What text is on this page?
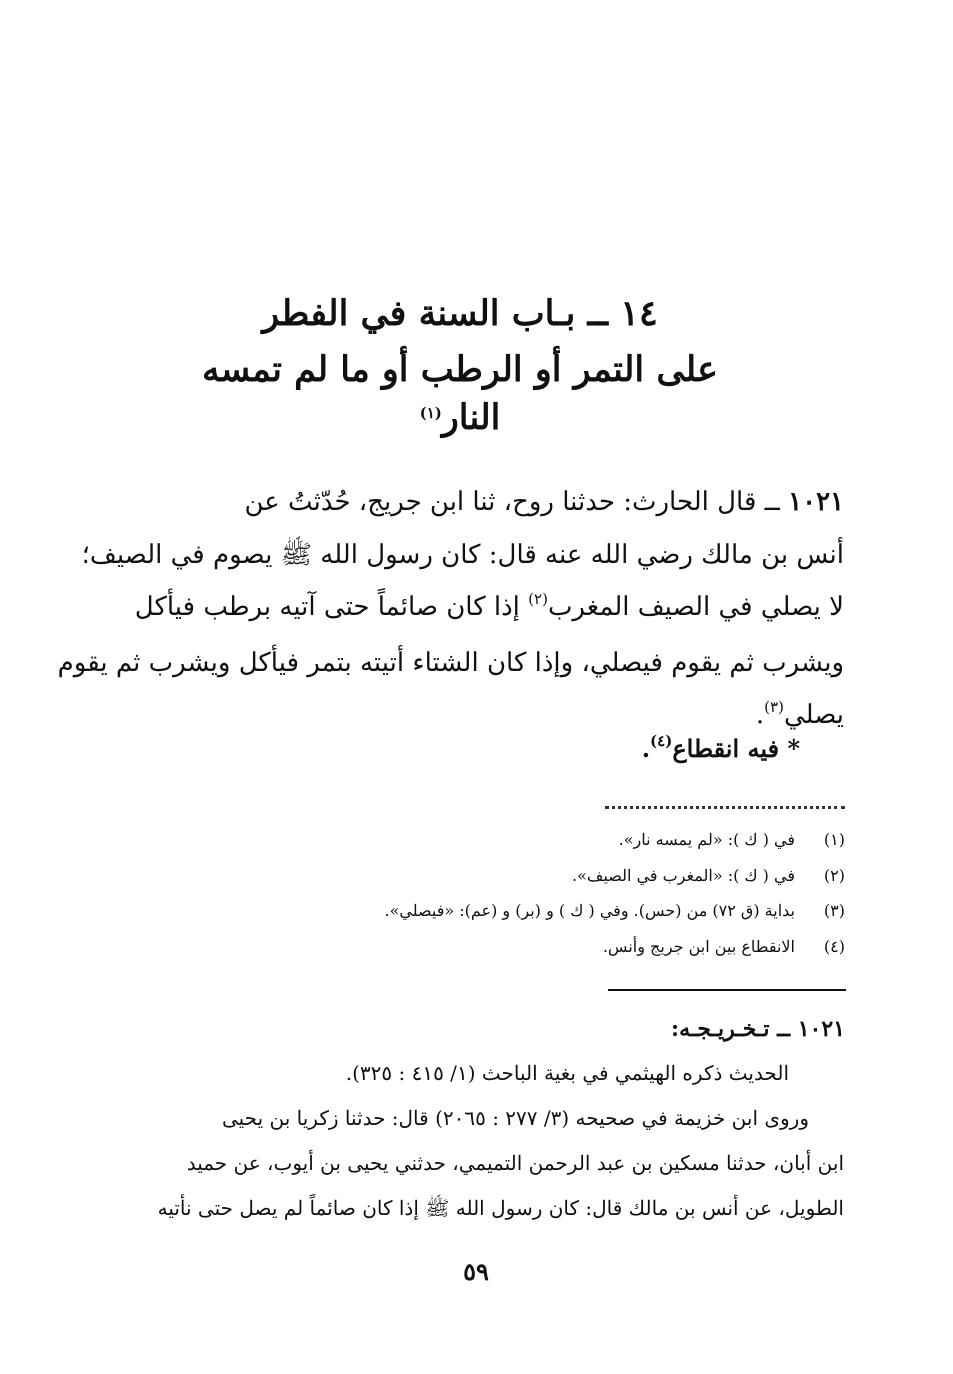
١٤ ــ بـاب السنة في الفطر
على التمر أو الرطب أو ما لم تمسه النار$^{(١)}$
١٠٢١ ــ قال الحارث: حدثنا روح، ثنا ابن جريج، حُدّثتُ عن
أنس بن مالك رضي الله عنه قال: كان رسول الله ﷺ يصوم في الصيف؛
لا يصلي في الصيف المغرب$^{(٢)}$ إذا كان صائماً حتى آتيه برطب فيأكل
ويشرب ثم يقوم فيصلي، وإذا كان الشتاء أتيته بتمر فيأكل ويشرب ثم يقوم
يصلي$^{(٣)}$.
* فيه انقطاع$^{(٤)}$.
(١)في ( ك ): «لم يمسه نار».
(٢)في ( ك ): «المغرب في الصيف».
(٣)بداية (ق ٧٢) من (حس). وفي ( ك ) و (بر) و (عم): «فيصلي».
(٤)الانقطاع بين ابن جريج وأنس.
١٠٢١ ــ تـخـريـجـه:
الحديث ذكره الهيثمي في بغية الباحث (١/ ٤١٥ : ٣٢٥).
وروى ابن خزيمة في صحيحه (٣/ ٢٧٧ : ٢٠٦٥) قال: حدثنا زكريا بن يحيى
ابن أبان، حدثنا مسكين بن عبد الرحمن التميمي، حدثني يحيى بن أيوب، عن حميد
الطويل، عن أنس بن مالك قال: كان رسول الله ﷺ إذا كان صائماً لم يصل حتى نأتيه
٥٩
